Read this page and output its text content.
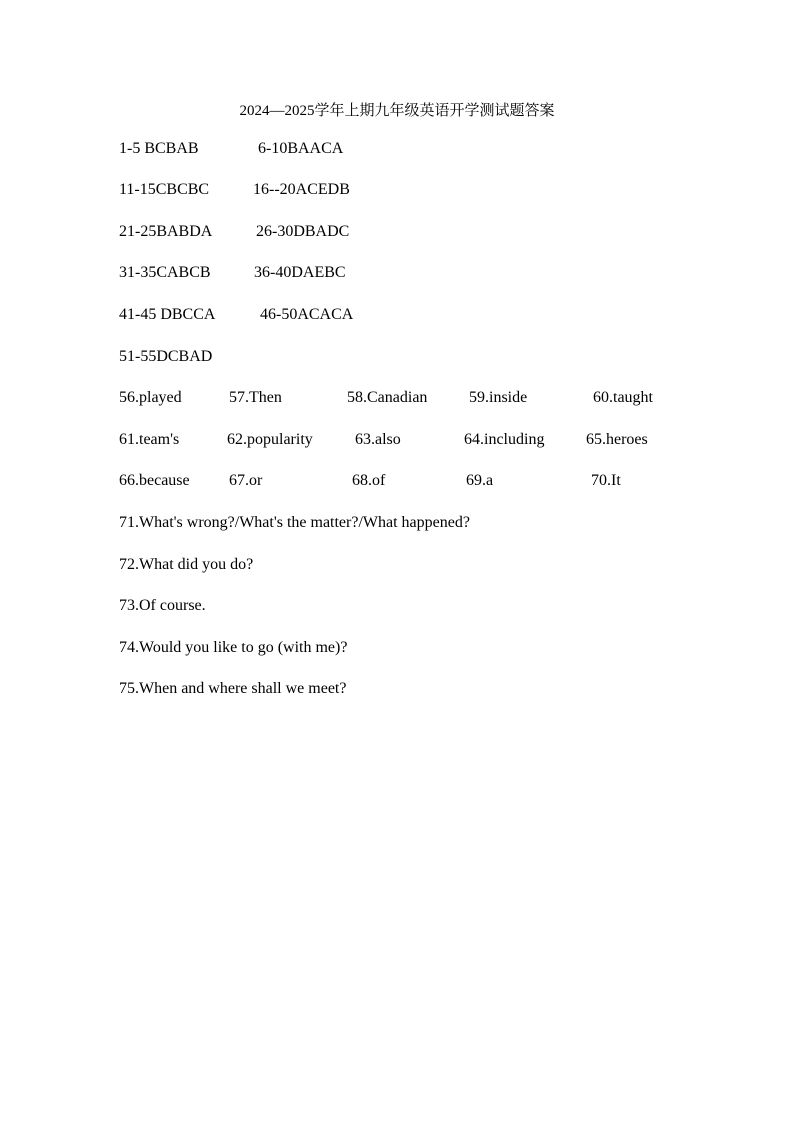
2024—2025学年上期九年级英语开学测试题答案
1-5 BCBAB	6-10BAACA
11-15CBCBC	16--20ACEDB
21-25BABDA	26-30DBADC
31-35CABCB	36-40DAEBC
41-45 DBCCA	46-50ACACA
51-55DCBAD
56.played	57.Then	58.Canadian	59.inside	60.taught
61.team's	62.popularity	63.also	64.including	65.heroes
66.because 67.or	68.of	69.a	70.It
71.What's wrong?/What's the matter?/What happened?
72.What did you do?
73.Of course.
74.Would you like to go (with me)?
75.When and where shall we meet?
